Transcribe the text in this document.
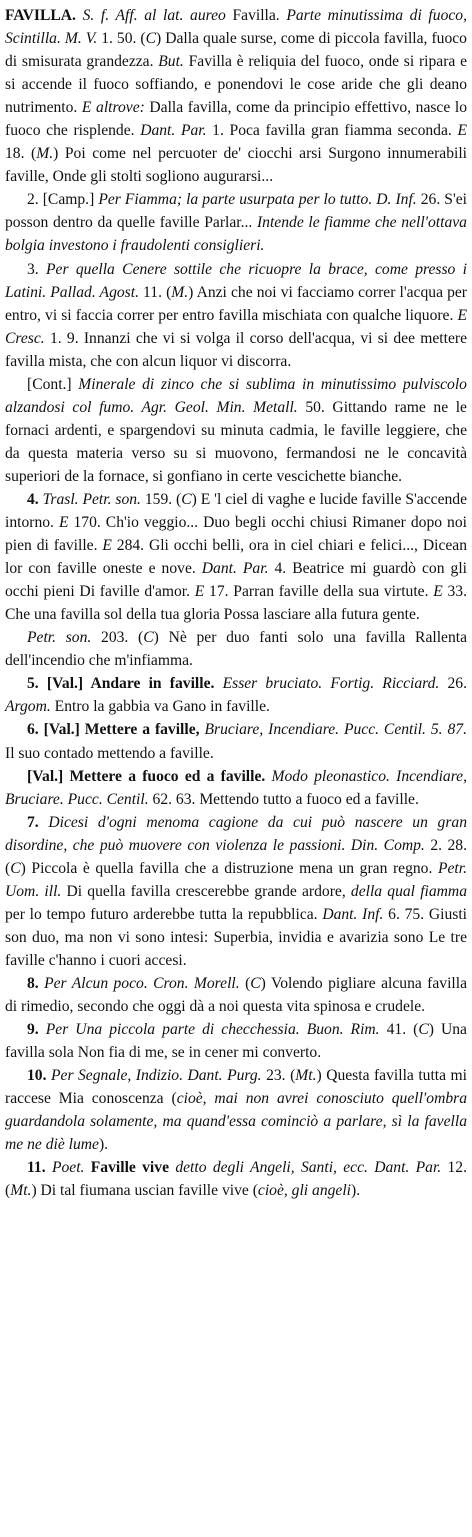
FAVILLA. S. f. Aff. al lat. aureo Favilla. Parte minutissima di fuoco, Scintilla. M. V. 1. 50. (C) Dalla quale surse, come di piccola favilla, fuoco di smisurata grandezza. But. Favilla è reliquia del fuoco, onde si ripara e si accende il fuoco soffiando, e ponendovi le cose aride che gli deano nutrimento. E altrove: Dalla favilla, come da principio effettivo, nasce lo fuoco che risplende. Dant. Par. 1. Poca favilla gran fiamma seconda. E 18. (M.) Poi come nel percuoter de' ciocchi arsi Surgono innumerabili faville, Onde gli stolti sogliono augurarsi...

2. [Camp.] Per Fiamma; la parte usurpata per lo tutto. D. Inf. 26. S'ei posson dentro da quelle faville Parlar... Intende le fiamme che nell'ottava bolgia investono i fraudolenti consiglieri.

3. Per quella Cenere sottile che ricuopre la brace, come presso i Latini. Pallad. Agost. 11. (M.) Anzi che noi vi facciamo correr l'acqua per entro, vi si faccia correr per entro favilla mischiata con qualche liquore. E Cresc. 1. 9. Innanzi che vi si volga il corso dell'acqua, vi si dee mettere favilla mista, che con alcun liquor vi discorra.

[Cont.] Minerale di zinco che si sublima in minutissimo pulviscolo alzandosi col fumo. Agr. Geol. Min. Metall. 50. Gittando rame ne le fornaci ardenti, e spargendovi su minuta cadmia, le faville leggiere, che da questa materia verso su si muovono, fermandosi ne le concavità superiori de la fornace, si gonfiano in certe vescichette bianche.

4. Trasl. Petr. son. 159. (C) E 'l ciel di vaghe e lucide faville S'accende intorno. E 170. Ch'io veggio... Duo begli occhi chiusi Rimaner dopo noi pien di faville. E 284. Gli occhi belli, ora in ciel chiari e felici..., Dicean lor con faville oneste e nove. Dant. Par. 4. Beatrice mi guardò con gli occhi pieni Di faville d'amor. E 17. Parran faville della sua virtute. E 33. Che una favilla sol della tua gloria Possa lasciare alla futura gente.

Petr. son. 203. (C) Nè per duo fanti solo una favilla Rallenta dell'incendio che m'infiamma.

5. [Val.] Andare in faville. Esser bruciato. Fortig. Ricciard. 26. Argom. Entro la gabbia va Gano in faville.

6. [Val.] Mettere a faville, Bruciare, Incendiare. Pucc. Centil. 5. 87. Il suo contado mettendo a faville.

[Val.] Mettere a fuoco ed a faville. Modo pleonastico. Incendiare, Bruciare. Pucc. Centil. 62. 63. Mettendo tutto a fuoco ed a faville.

7. Dicesi d'ogni menoma cagione da cui può nascere un gran disordine, che può muovere con violenza le passioni. Din. Comp. 2. 28. (C) Piccola è quella favilla che a distruzione mena un gran regno. Petr. Uom. ill. Di quella favilla crescerebbe grande ardore, della qual fiamma per lo tempo futuro arderebbe tutta la repubblica. Dant. Inf. 6. 75. Giusti son duo, ma non vi sono intesi: Superbia, invidia e avarizia sono Le tre faville c'hanno i cuori accesi.

8. Per Alcun poco. Cron. Morell. (C) Volendo pigliare alcuna favilla di rimedio, secondo che oggi dà a noi questa vita spinosa e crudele.

9. Per Una piccola parte di checchessia. Buon. Rim. 41. (C) Una favilla sola Non fia di me, se in cener mi converto.

10. Per Segnale, Indizio. Dant. Purg. 23. (Mt.) Questa favilla tutta mi raccese Mia conoscenza (cioè, mai non avrei conosciuto quell'ombra guardandola solamente, ma quand'essa cominciò a parlare, sì la favella me ne diè lume).

11. Poet. Faville vive detto degli Angeli, Santi, ecc. Dant. Par. 12. (Mt.) Di tal fiumana uscian faville vive (cioè, gli angeli).
